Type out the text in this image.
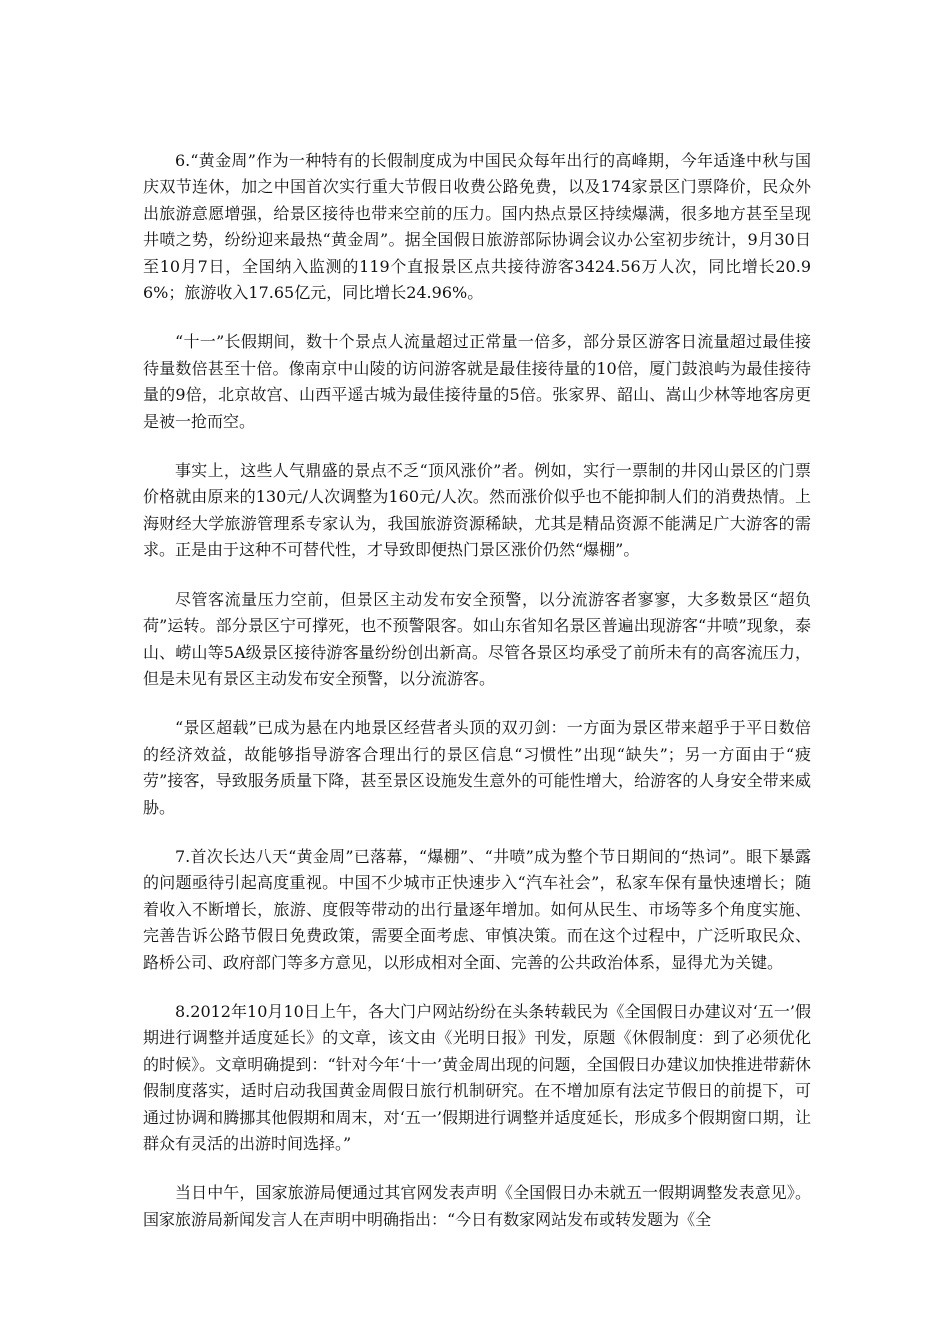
6.“黄金周”作为一种特有的长假制度成为中国民众每年出行的高峰期，今年适逢中秋与国庆双节连休，加之中国首次实行重大节假日收费公路免费，以及174家景区门票降价，民众外出旅游意愿增强，给景区接待也带来空前的压力。国内热点景区持续爆满，很多地方甚至呈现井喷之势，纷纷迎来最热“黄金周”。据全国假日旅游部际协调会议办公室初步统计，9月30日至10月7日，全国纳入监测的119个直报景区点共接待游客3424.56万人次，同比增长20.96%；旅游收入17.65亿元，同比增长24.96%。

“十一”长假期间，数十个景点人流量超过正常量一倍多，部分景区游客日流量超过最佳接待量数倍甚至十倍。像南京中山陵的访问游客就是最佳接待量的10倍，厦门鼓浪屿为最佳接待量的9倍，北京故宫、山西平遥古城为最佳接待量的5倍。张家界、韶山、嵩山少林等地客房更是被一抢而空。

事实上，这些人气鼎盛的景点不乏“顶风涨价”者。例如，实行一票制的井冈山景区的门票价格就由原来的130元/人次调整为160元/人次。然而涨价似乎也不能抑制人们的消费热情。上海财经大学旅游管理系专家认为，我国旅游资源稀缺，尤其是精品资源不能满足广大游客的需求。正是由于这种不可替代性，才导致即便热门景区涨价仍然“爆棚”。

尽管客流量压力空前，但景区主动发布安全预警，以分流游客者寥寥，大多数景区“超负荷”运转。部分景区宁可撑死，也不预警限客。如山东省知名景区普遍出现游客“井喷”现象，泰山、崂山等5A级景区接待游客量纷纷创出新高。尽管各景区均承受了前所未有的高客流压力，但是未见有景区主动发布安全预警，以分流游客。

“景区超载”已成为悬在内地景区经营者头顶的双刃剑：一方面为景区带来超乎于平日数倍的经济效益，故能够指导游客合理出行的景区信息“习惯性”出现“缺失”；另一方面由于“疲劳”接客，导致服务质量下降，甚至景区设施发生意外的可能性增大，给游客的人身安全带来威胁。

7.首次长达八天“黄金周”已落幕，“爆棚”、“井喷”成为整个节日期间的“热词”。眼下暴露的问题亟待引起高度重视。中国不少城市正快速步入“汽车社会”，私家车保有量快速增长；随着收入不断增长，旅游、度假等带动的出行量逐年增加。如何从民生、市场等多个角度实施、完善告诉公路节假日免费政策，需要全面考虑、审慎决策。而在这个过程中，广泛听取民众、路桥公司、政府部门等多方意见，以形成相对全面、完善的公共政治体系，显得尤为关键。

8.2012年10月10日上午，各大门户网站纷纷在头条转载民为《全国假日办建议对‘五一’假期进行调整并适度延长》的文章，该文由《光明日报》刊发，原题《休假制度：到了必须优化的时候》。文章明确提到：“针对今年‘十一’黄金周出现的问题，全国假日办建议加快推进带薪休假制度落实，适时启动我国黄金周假日旅行机制研究。在不增加原有法定节假日的前提下，可通过协调和腾挪其他假期和周末，对‘五一’假期进行调整并适度延长，形成多个假期窗口期，让群众有灵活的出游时间选择。”

当日中午，国家旅游局便通过其官网发表声明《全国假日办未就五一假期调整发表意见》。国家旅游局新闻发言人在声明中明确指出：“今日有数家网站发布或转发题为《全
